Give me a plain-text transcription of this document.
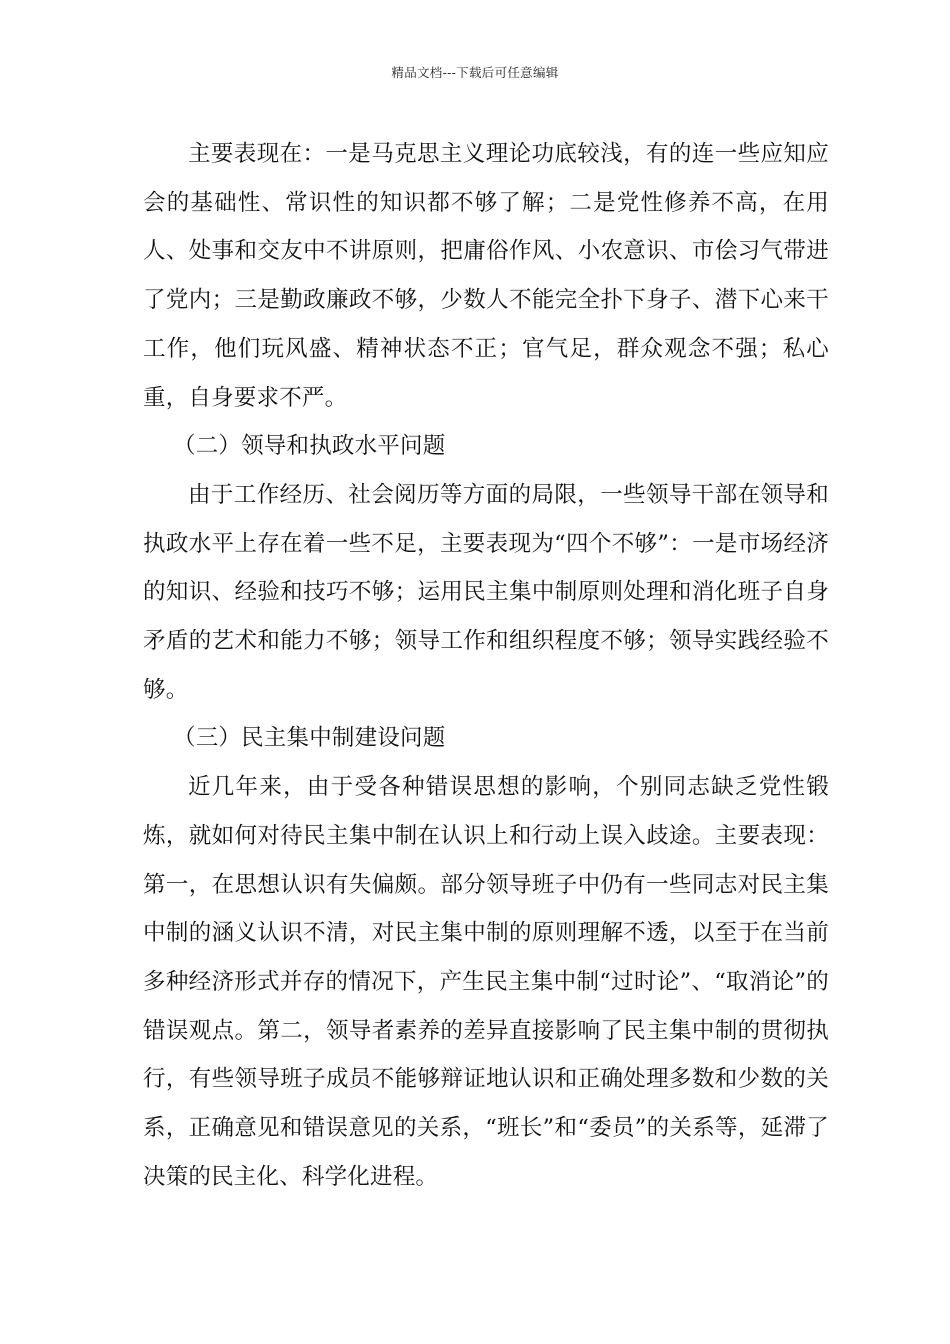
精品文档---下载后可任意编辑

主要表现在：一是马克思主义理论功底较浅，有的连一些应知应会的基础性、常识性的知识都不够了解；二是党性修养不高，在用人、处事和交友中不讲原则，把庸俗作风、小农意识、市侩习气带进了党内；三是勤政廉政不够，少数人不能完全扑下身子、潜下心来干工作，他们玩风盛、精神状态不正；官气足，群众观念不强；私心重，自身要求不严。

（二）领导和执政水平问题

由于工作经历、社会阅历等方面的局限，一些领导干部在领导和执政水平上存在着一些不足，主要表现为“四个不够”：一是市场经济的知识、经验和技巧不够；运用民主集中制原则处理和消化班子自身矛盾的艺术和能力不够；领导工作和组织程度不够；领导实践经验不够。

（三）民主集中制建设问题

近几年来，由于受各种错误思想的影响，个别同志缺乏党性锻炼，就如何对待民主集中制在认识上和行动上误入歧途。主要表现：第一，在思想认识有失偏颇。部分领导班子中仍有一些同志对民主集中制的涵义认识不清，对民主集中制的原则理解不透，以至于在当前多种经济形式并存的情况下，产生民主集中制“过时论”、“取消论”的错误观点。第二，领导者素养的差异直接影响了民主集中制的贯彻执行，有些领导班子成员不能够辩证地认识和正确处理多数和少数的关系，正确意见和错误意见的关系，“班长”和“委员”的关系等，延滞了决策的民主化、科学化进程。
